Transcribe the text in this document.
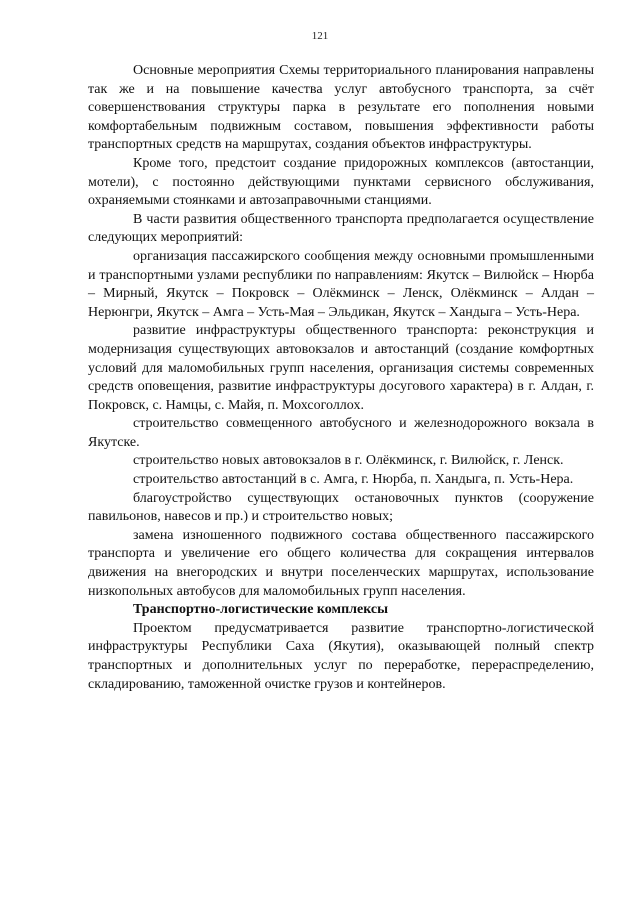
121

Основные мероприятия Схемы территориального планирования направлены так же и на повышение качества услуг автобусного транспорта, за счёт совершенствования структуры парка в результате его пополнения новыми комфортабельным подвижным составом, повышения эффективности работы транспортных средств на маршрутах, создания объектов инфраструктуры.

Кроме того, предстоит создание придорожных комплексов (автостанции, мотели), с постоянно действующими пунктами сервисного обслуживания, охраняемыми стоянками и автозаправочными станциями.

В части развития общественного транспорта предполагается осуществление следующих мероприятий:

организация пассажирского сообщения между основными промышленными и транспортными узлами республики по направлениям: Якутск – Вилюйск – Нюрба – Мирный, Якутск – Покровск – Олёкминск – Ленск, Олёкминск – Алдан – Нерюнгри, Якутск – Амга – Усть-Мая – Эльдикан, Якутск – Хандыга – Усть-Нера.

развитие инфраструктуры общественного транспорта: реконструкция и модернизация существующих автовокзалов и автостанций (создание комфортных условий для маломобильных групп населения, организация системы современных средств оповещения, развитие инфраструктуры досугового характера) в г. Алдан, г. Покровск, с. Намцы, с. Майя, п. Мохсоголлох.

строительство совмещенного автобусного и железнодорожного вокзала в Якутске.

строительство новых автовокзалов в г. Олёкминск, г. Вилюйск, г. Ленск.

строительство автостанций в с. Амга, г. Нюрба, п. Хандыга, п. Усть-Нера.

благоустройство существующих остановочных пунктов (сооружение павильонов, навесов и пр.) и строительство новых;

замена изношенного подвижного состава общественного пассажирского транспорта и увеличение его общего количества для сокращения интервалов движения на внегородских и внутри поселенческих маршрутах, использование низкопольных автобусов для маломобильных групп населения.

Транспортно-логистические комплексы

Проектом предусматривается развитие транспортно-логистической инфраструктуры Республики Саха (Якутия), оказывающей полный спектр транспортных и дополнительных услуг по переработке, перераспределению, складированию, таможенной очистке грузов и контейнеров.
